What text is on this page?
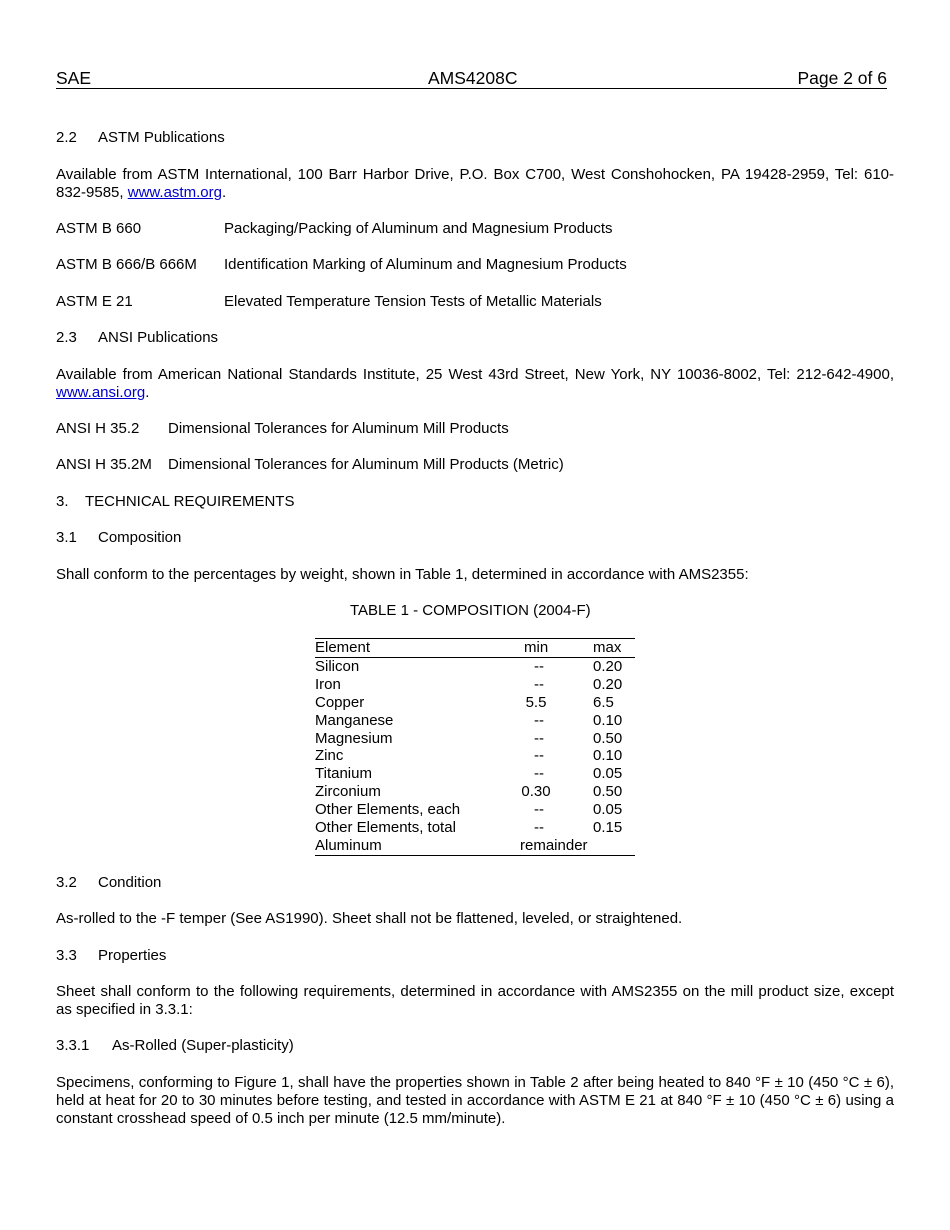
SAE	AMS4208C	Page 2 of 6
2.2 ASTM Publications
Available from ASTM International, 100 Barr Harbor Drive, P.O. Box C700, West Conshohocken, PA 19428-2959, Tel: 610-832-9585, www.astm.org.
ASTM B 660	Packaging/Packing of Aluminum and Magnesium Products
ASTM B 666/B 666M Identification Marking of Aluminum and Magnesium Products
ASTM E 21	Elevated Temperature Tension Tests of Metallic Materials
2.3 ANSI Publications
Available from American National Standards Institute, 25 West 43rd Street, New York, NY 10036-8002, Tel: 212-642-4900, www.ansi.org.
ANSI H 35.2 Dimensional Tolerances for Aluminum Mill Products
ANSI H 35.2M Dimensional Tolerances for Aluminum Mill Products (Metric)
3. TECHNICAL REQUIREMENTS
3.1 Composition
Shall conform to the percentages by weight, shown in Table 1, determined in accordance with AMS2355:
TABLE 1 - COMPOSITION (2004-F)
Element	min	max
Silicon	--	0.20
Iron	--	0.20
Copper	5.5	6.5
Manganese	--	0.10
Magnesium	--	0.50
Zinc	--	0.10
Titanium	--	0.05
Zirconium	0.30	0.50
Other Elements, each	--	0.05
Other Elements, total	--	0.15
Aluminum	remainder	
3.2 Condition
As-rolled to the -F temper (See AS1990). Sheet shall not be flattened, leveled, or straightened.
3.3 Properties
Sheet shall conform to the following requirements, determined in accordance with AMS2355 on the mill product size, except as specified in 3.3.1:
3.3.1 As-Rolled (Super-plasticity)
Specimens, conforming to Figure 1, shall have the properties shown in Table 2 after being heated to 840 °F ± 10 (450 °C ± 6), held at heat for 20 to 30 minutes before testing, and tested in accordance with ASTM E 21 at 840 °F ± 10 (450 °C ± 6) using a constant crosshead speed of 0.5 inch per minute (12.5 mm/minute).
